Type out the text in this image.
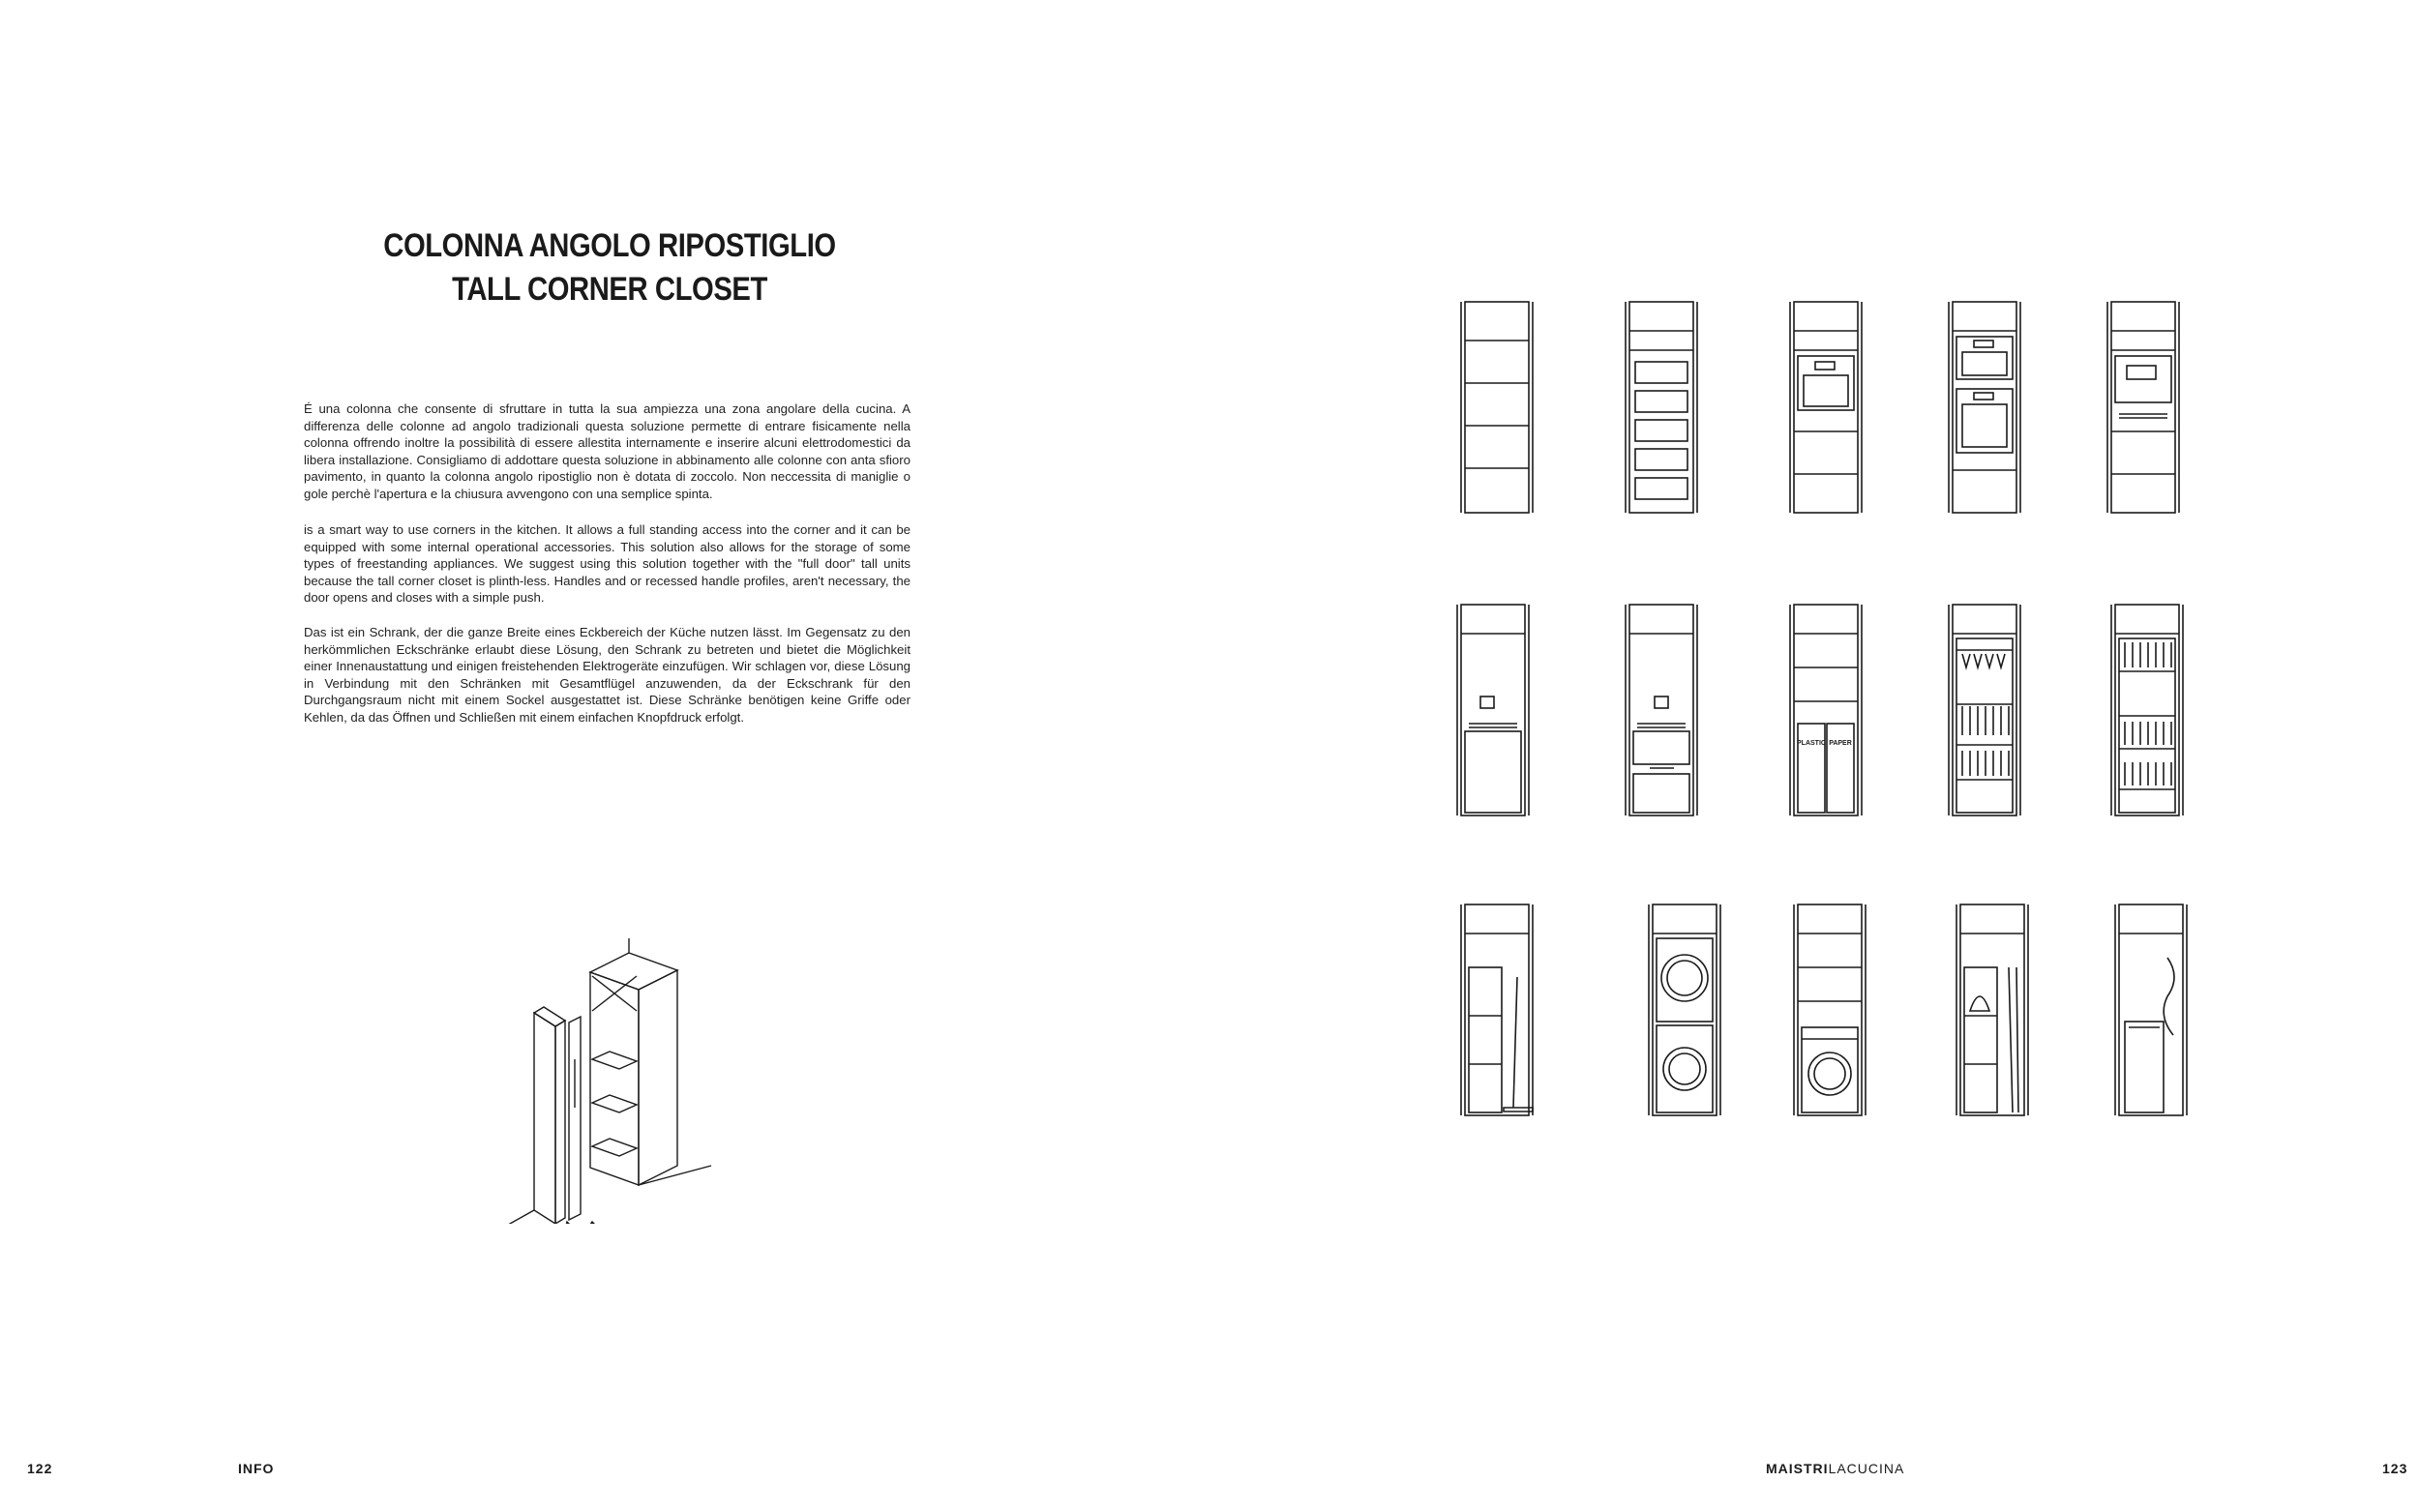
COLONNA ANGOLO RIPOSTIGLIO
TALL CORNER CLOSET
É una colonna che consente di sfruttare in tutta la sua ampiezza una zona angolare della cucina. A differenza delle colonne ad angolo tradizionali questa soluzione permette di entrare fisicamente nella colonna offrendo inoltre la possibilità di essere allestita internamente e inserire alcuni elettrodomestici da libera installazione. Consigliamo di addottare questa soluzione in abbinamento alle colonne con anta sfioro pavimento, in quanto la colonna angolo ripostiglio non è dotata di zoccolo. Non neccessita di maniglie o gole perchè l'apertura e la chiusura avvengono con una semplice spinta.
is a smart way to use corners in the kitchen. It allows a full standing access into the corner and it can be equipped with some internal operational accessories. This solution also allows for the storage of some types of freestanding appliances. We suggest using this solution together with the "full door" tall units because the tall corner closet is plinth-less. Handles and or recessed handle profiles, aren't necessary, the door opens and closes with a simple push.
Das ist ein Schrank, der die ganze Breite eines Eckbereich der Küche nutzen lässt. Im Gegensatz zu den herkömmlichen Eckschränke erlaubt diese Lösung, den Schrank zu betreten und bietet die Möglichkeit einer Innenaustattung und einigen freistehenden Elektrogeräte einzufügen. Wir schlagen vor, diese Lösung in Verbindung mit den Schränken mit Gesamtflügel anzuwenden, da der Eckschrank für den Durchgangsraum nicht mit einem Sockel ausgestattet ist. Diese Schränke benötigen keine Griffe oder Kehlen, da das Öffnen und Schließen mit einem einfachen Knopfdruck erfolgt.
PLASTIC PAPER
122	INFO	MAISTRILACUCINA	123
